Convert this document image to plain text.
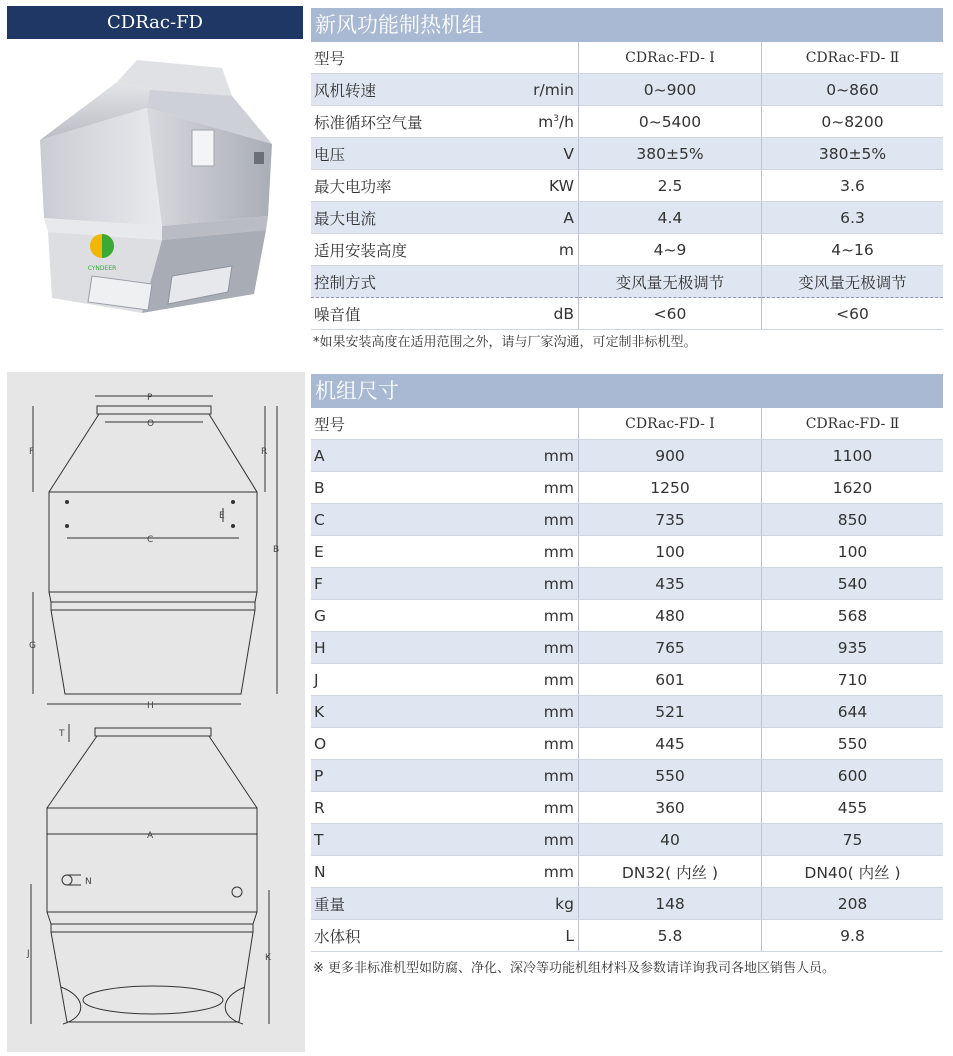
CDRac-FD
CYNDEER
P
O
F	R
E
C
B
G
H
T
A
N
J	K
新风功能制热机组
型号		CDRac-FD- Ⅰ	CDRac-FD- Ⅱ
风机转速	r/min	0~900	0~860
标准循环空气量	$m^3/h$	0~5400	0~8200
电压	V	380±5%	380±5%
最大电功率	KW	2.5	3.6
最大电流	A	4.4	6.3
适用安装高度	m	4~9	4~16
控制方式		变风量无极调节	变风量无极调节
噪音值	dB	<60	<60
*如果安装高度在适用范围之外，请与厂家沟通，可定制非标机型。
机组尺寸
型号		CDRac-FD- Ⅰ	CDRac-FD- Ⅱ
A	mm	900	1100
B	mm	1250	1620
C	mm	735	850
E	mm	100	100
F	mm	435	540
G	mm	480	568
H	mm	765	935
J	mm	601	710
K	mm	521	644
O	mm	445	550
P	mm	550	600
R	mm	360	455
T	mm	40	75
N	mm	DN32( 内丝 )	DN40( 内丝 )
重量	kg	148	208
水体积	L	5.8	9.8
※ 更多非标准机型如防腐、净化、深冷等功能机组材料及参数请详询我司各地区销售人员。
